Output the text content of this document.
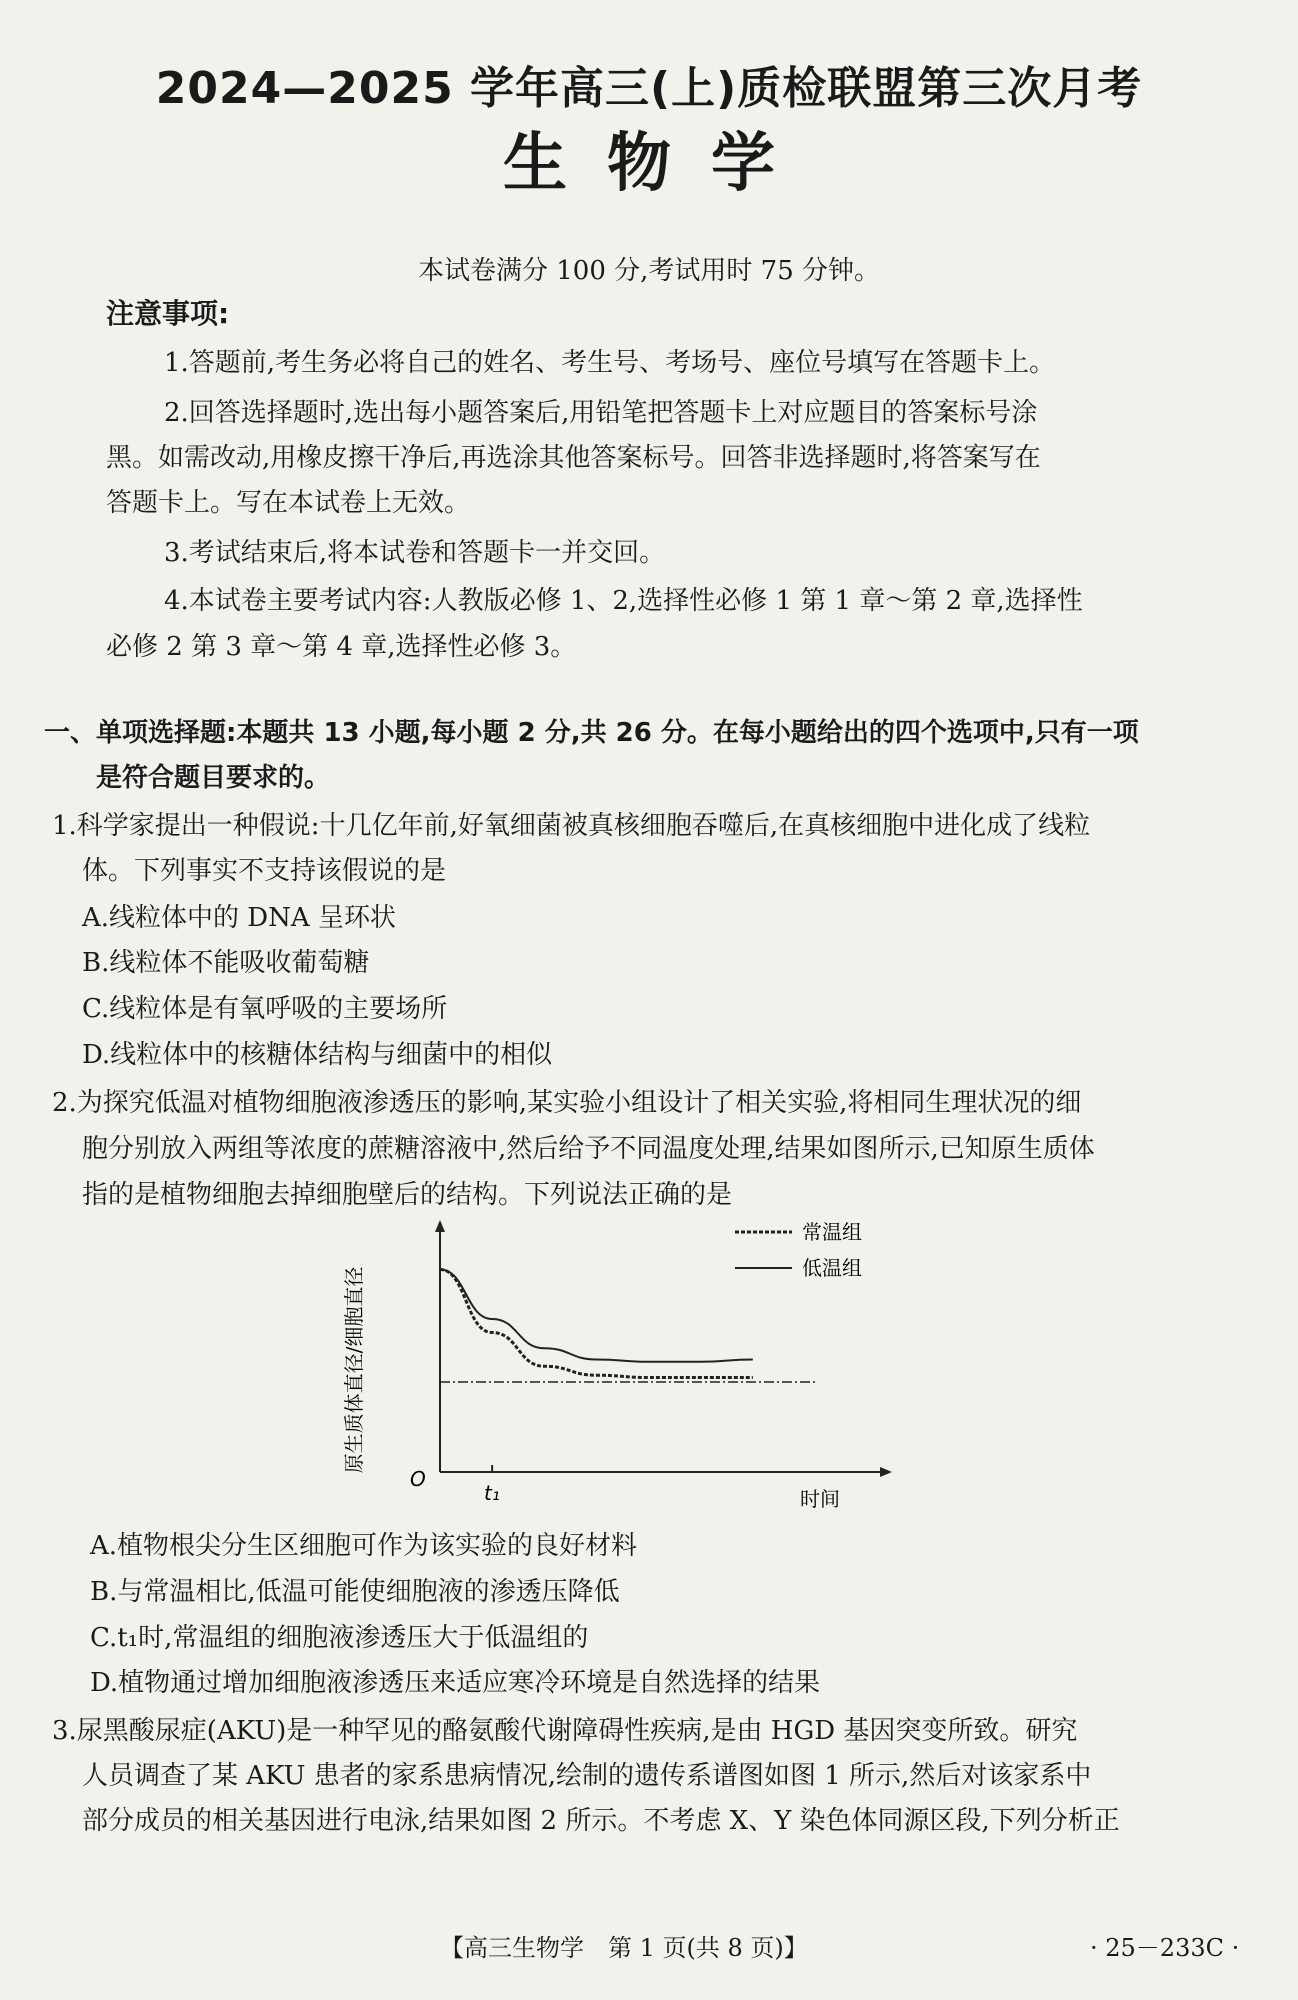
2024—2025 学年高三(上)质检联盟第三次月考
生物学
本试卷满分 100 分,考试用时 75 分钟。
注意事项:
1.答题前,考生务必将自己的姓名、考生号、考场号、座位号填写在答题卡上。
2.回答选择题时,选出每小题答案后,用铅笔把答题卡上对应题目的答案标号涂
黑。如需改动,用橡皮擦干净后,再选涂其他答案标号。回答非选择题时,将答案写在
答题卡上。写在本试卷上无效。
3.考试结束后,将本试卷和答题卡一并交回。
4.本试卷主要考试内容:人教版必修 1、2,选择性必修 1 第 1 章～第 2 章,选择性
必修 2 第 3 章～第 4 章,选择性必修 3。
一、单项选择题:本题共 13 小题,每小题 2 分,共 26 分。在每小题给出的四个选项中,只有一项
是符合题目要求的。
1.科学家提出一种假说:十几亿年前,好氧细菌被真核细胞吞噬后,在真核细胞中进化成了线粒
体。下列事实不支持该假说的是
A.线粒体中的 DNA 呈环状
B.线粒体不能吸收葡萄糖
C.线粒体是有氧呼吸的主要场所
D.线粒体中的核糖体结构与细菌中的相似
2.为探究低温对植物细胞液渗透压的影响,某实验小组设计了相关实验,将相同生理状况的细
胞分别放入两组等浓度的蔗糖溶液中,然后给予不同温度处理,结果如图所示,已知原生质体
指的是植物细胞去掉细胞壁后的结构。下列说法正确的是
原生质体直径/细胞直径
时间
O
t₁
常温组
低温组
A.植物根尖分生区细胞可作为该实验的良好材料
B.与常温相比,低温可能使细胞液的渗透压降低
C.t₁时,常温组的细胞液渗透压大于低温组的
D.植物通过增加细胞液渗透压来适应寒冷环境是自然选择的结果
3.尿黑酸尿症(AKU)是一种罕见的酪氨酸代谢障碍性疾病,是由 HGD 基因突变所致。研究
人员调查了某 AKU 患者的家系患病情况,绘制的遗传系谱图如图 1 所示,然后对该家系中
部分成员的相关基因进行电泳,结果如图 2 所示。不考虑 X、Y 染色体同源区段,下列分析正
【高三生物学　第 1 页(共 8 页)】	· 25－233C ·
